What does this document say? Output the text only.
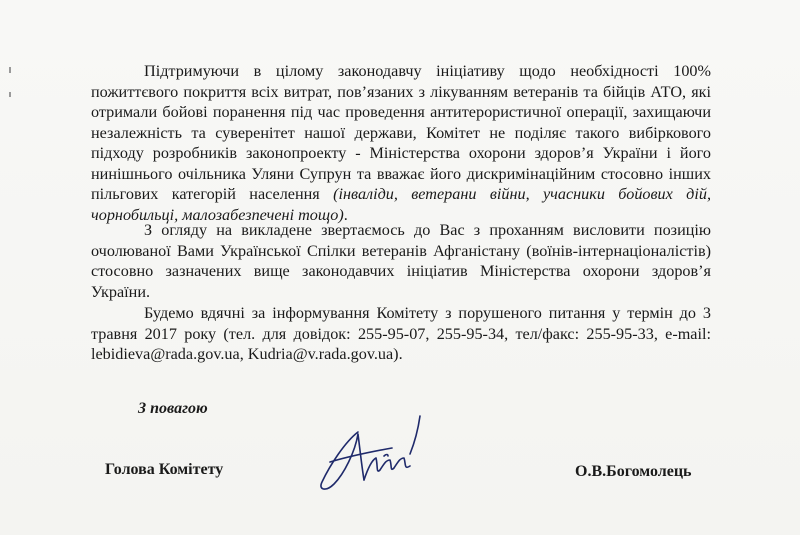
Підтримуючи в цілому законодавчу ініціативу щодо необхідності 100% пожиттєвого покриття всіх витрат, пов’язаних з лікуванням ветеранів та бійців АТО, які отримали бойові поранення під час проведення антитерористичної операції, захищаючи незалежність та суверенітет нашої держави, Комітет не поділяє такого вибіркового підходу розробників законопроекту - Міністерства охорони здоров’я України і його нинішнього очільника Уляни Супрун та вважає його дискримінаційним стосовно інших пільгових категорій населення (інваліди, ветерани війни, учасники бойових дій, чорнобильці, малозабезпечені тощо).

З огляду на викладене звертаємось до Вас з проханням висловити позицію очолюваної Вами Української Спілки ветеранів Афганістану (воїнів-інтернаціоналістів) стосовно зазначених вище законодавчих ініціатив Міністерства охорони здоров’я України.

Будемо вдячні за інформування Комітету з порушеного питання у термін до 3 травня 2017 року (тел. для довідок: 255-95-07, 255-95-34, тел/факс: 255-95-33, e-mail: lebidieva@rada.gov.ua, Kudria@v.rada.gov.ua).

З повагою
Голова Комітету	О.В.Богомолець
